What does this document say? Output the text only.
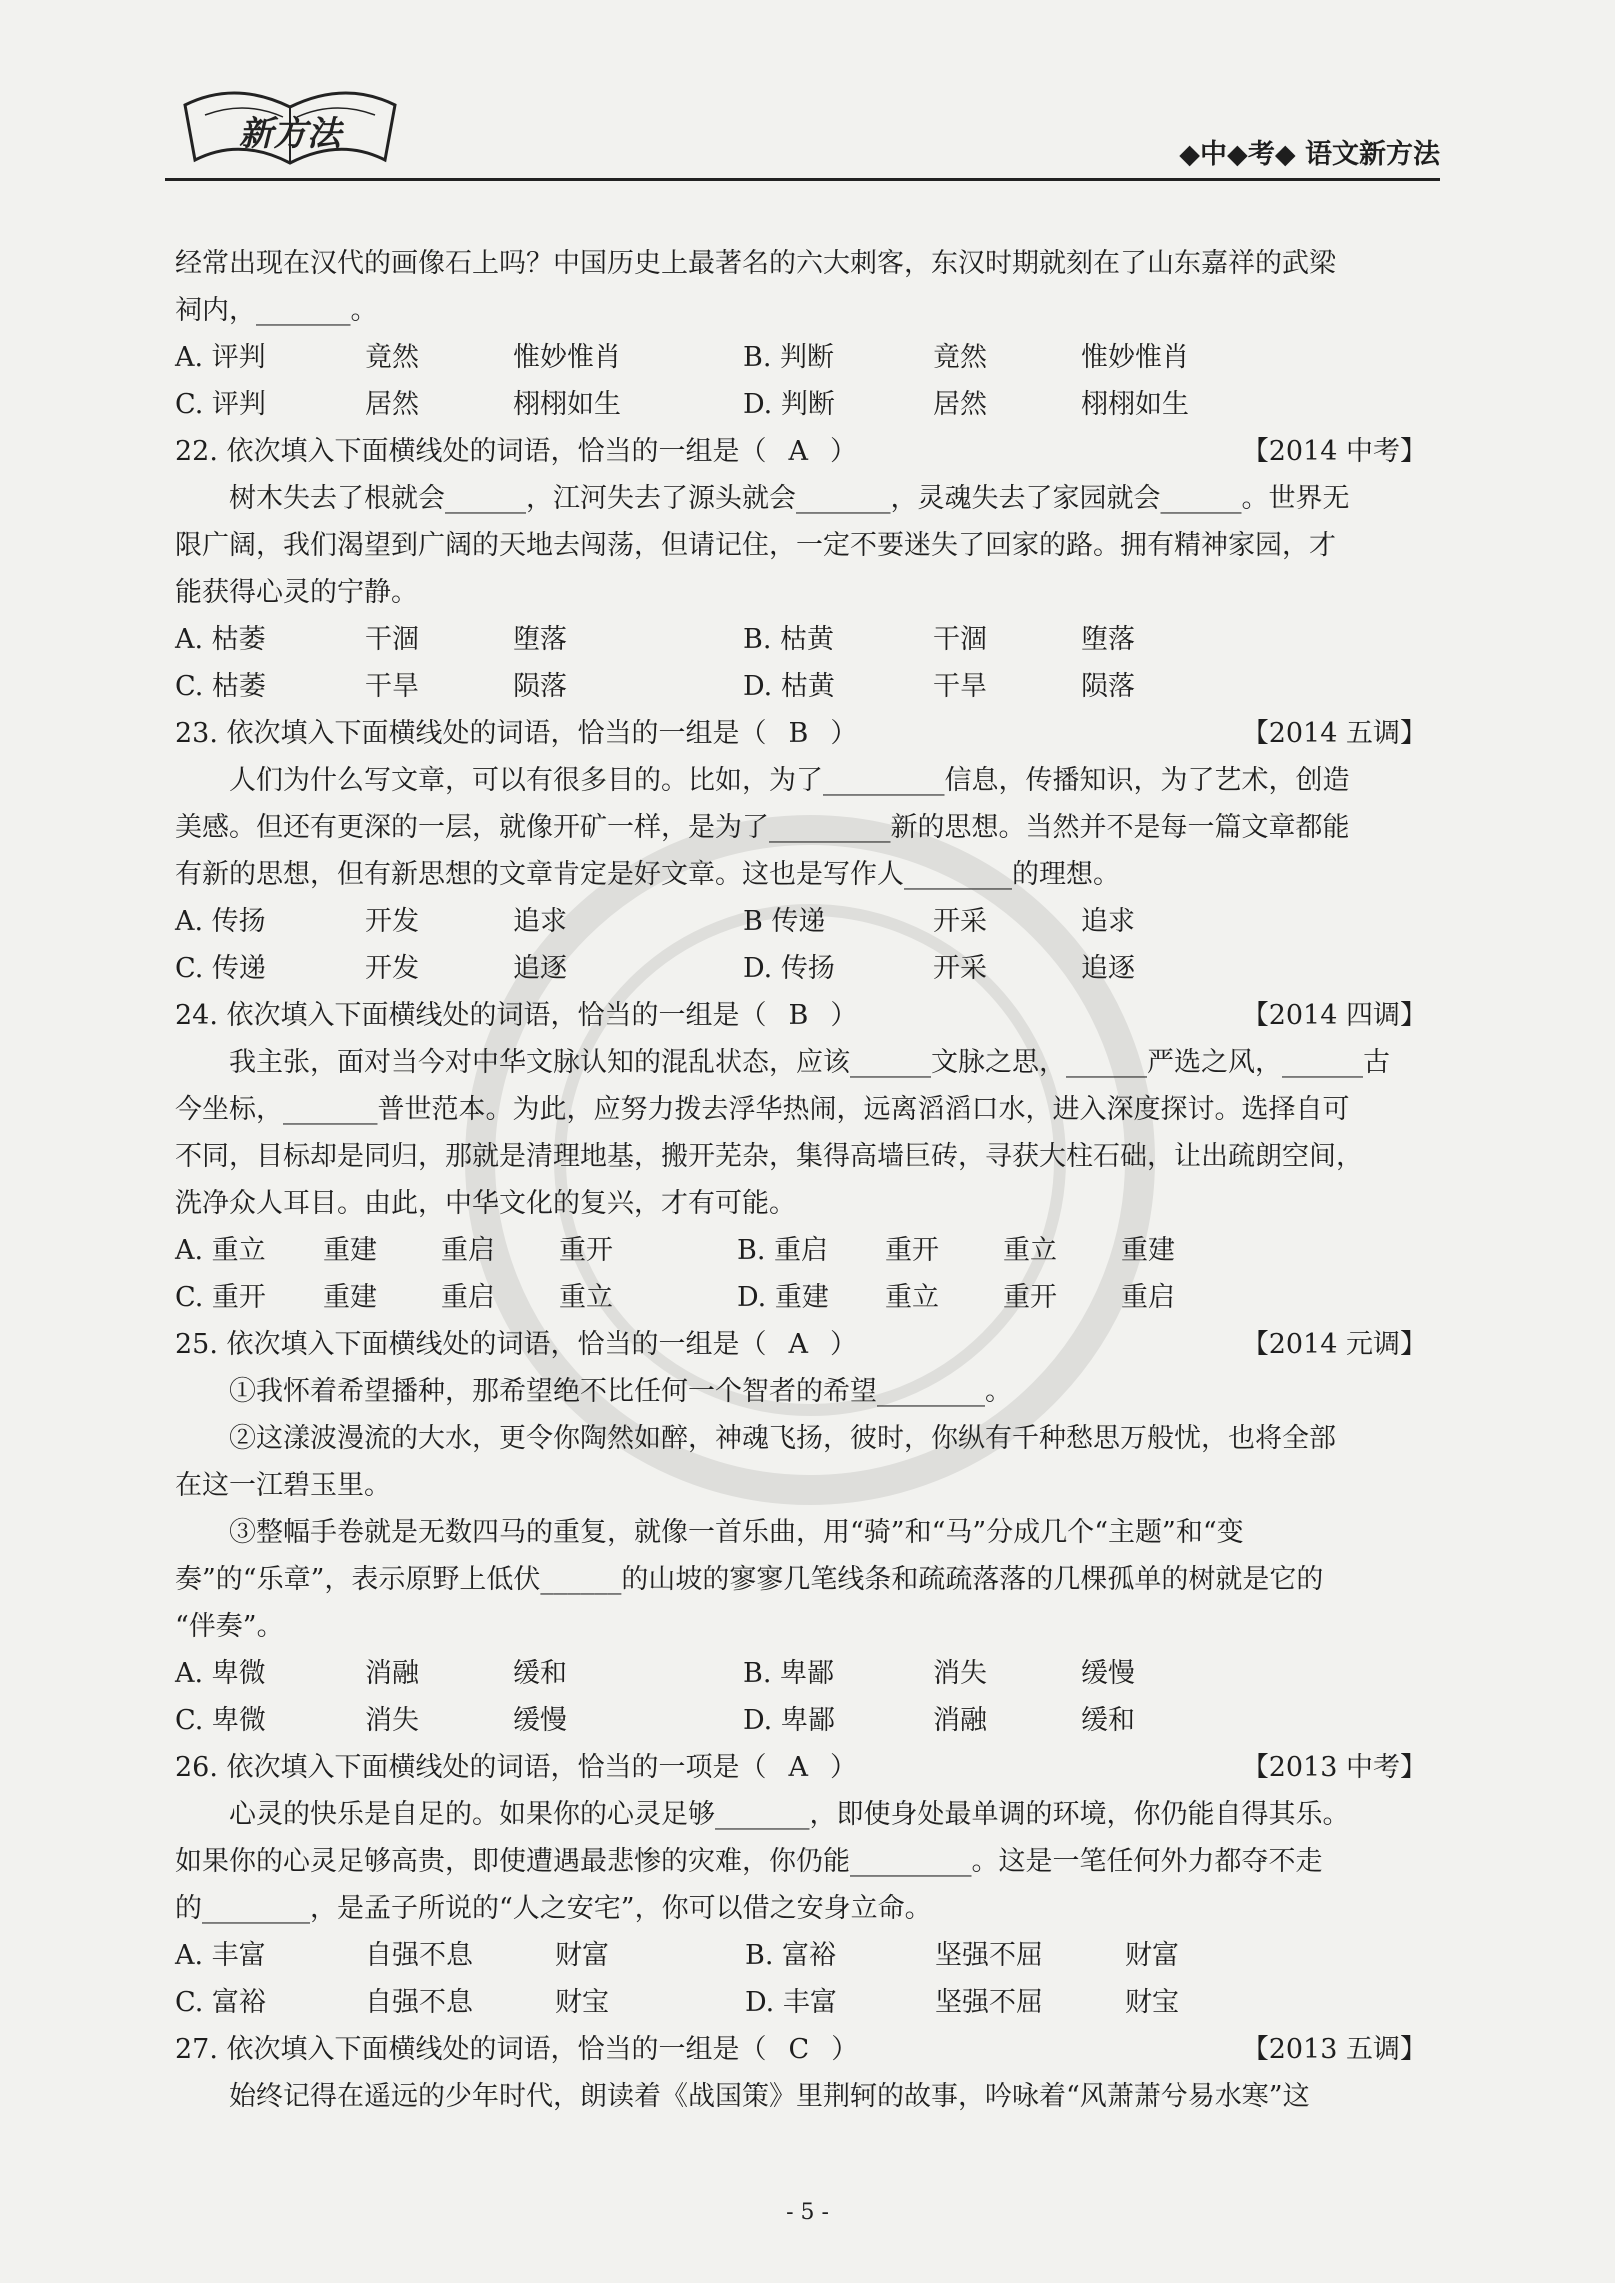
新方法
◆中◆考◆ 语文新方法
经常出现在汉代的画像石上吗？中国历史上最著名的六大刺客，东汉时期就刻在了山东嘉祥的武梁
祠内，_______。
A. 评判	竟然	惟妙惟肖	B. 判断	竟然	惟妙惟肖
C. 评判	居然	栩栩如生	D. 判断	居然	栩栩如生
22. 依次填入下面横线处的词语，恰当的一组是（ A ）	【2014 中考】
树木失去了根就会______，江河失去了源头就会_______，灵魂失去了家园就会______。世界无
限广阔，我们渴望到广阔的天地去闯荡，但请记住，一定不要迷失了回家的路。拥有精神家园，才
能获得心灵的宁静。
A. 枯萎	干涸	堕落	B. 枯黄	干涸	堕落
C. 枯萎	干旱	陨落	D. 枯黄	干旱	陨落
23. 依次填入下面横线处的词语，恰当的一组是（ B ）	【2014 五调】
人们为什么写文章，可以有很多目的。比如，为了_________信息，传播知识，为了艺术，创造
美感。但还有更深的一层，就像开矿一样，是为了_________新的思想。当然并不是每一篇文章都能
有新的思想，但有新思想的文章肯定是好文章。这也是写作人________的理想。
A. 传扬	开发	追求	B 传递	开采	追求
C. 传递	开发	追逐	D. 传扬	开采	追逐
24. 依次填入下面横线处的词语，恰当的一组是（ B ）	【2014 四调】
我主张，面对当今对中华文脉认知的混乱状态，应该______文脉之思，______严选之风，______古
今坐标，_______普世范本。为此，应努力拨去浮华热闹，远离滔滔口水，进入深度探讨。选择自可
不同，目标却是同归，那就是清理地基，搬开芜杂，集得高墙巨砖，寻获大柱石础，让出疏朗空间，
洗净众人耳目。由此，中华文化的复兴，才有可能。
A. 重立	重建	重启	重开	B. 重启	重开	重立	重建
C. 重开	重建	重启	重立	D. 重建	重立	重开	重启
25. 依次填入下面横线处的词语，恰当的一组是（ A ）	【2014 元调】
①我怀着希望播种，那希望绝不比任何一个智者的希望________。
②这漾波漫流的大水，更令你陶然如醉，神魂飞扬，彼时，你纵有千种愁思万般忧，也将全部
在这一江碧玉里。
③整幅手卷就是无数四马的重复，就像一首乐曲，用“骑”和“马”分成几个“主题”和“变
奏”的“乐章”，表示原野上低伏______的山坡的寥寥几笔线条和疏疏落落的几棵孤单的树就是它的
“伴奏”。
A. 卑微	消融	缓和	B. 卑鄙	消失	缓慢
C. 卑微	消失	缓慢	D. 卑鄙	消融	缓和
26. 依次填入下面横线处的词语，恰当的一项是（ A ）	【2013 中考】
心灵的快乐是自足的。如果你的心灵足够_______，即使身处最单调的环境，你仍能自得其乐。
如果你的心灵足够高贵，即使遭遇最悲惨的灾难，你仍能_________。这是一笔任何外力都夺不走
的________，是孟子所说的“人之安宅”，你可以借之安身立命。
A. 丰富	自强不息	财富	B. 富裕	坚强不屈	财富
C. 富裕	自强不息	财宝	D. 丰富	坚强不屈	财宝
27. 依次填入下面横线处的词语，恰当的一组是（ C ）	【2013 五调】
始终记得在遥远的少年时代，朗读着《战国策》里荆轲的故事，吟咏着“风萧萧兮易水寒”这
- 5 -
